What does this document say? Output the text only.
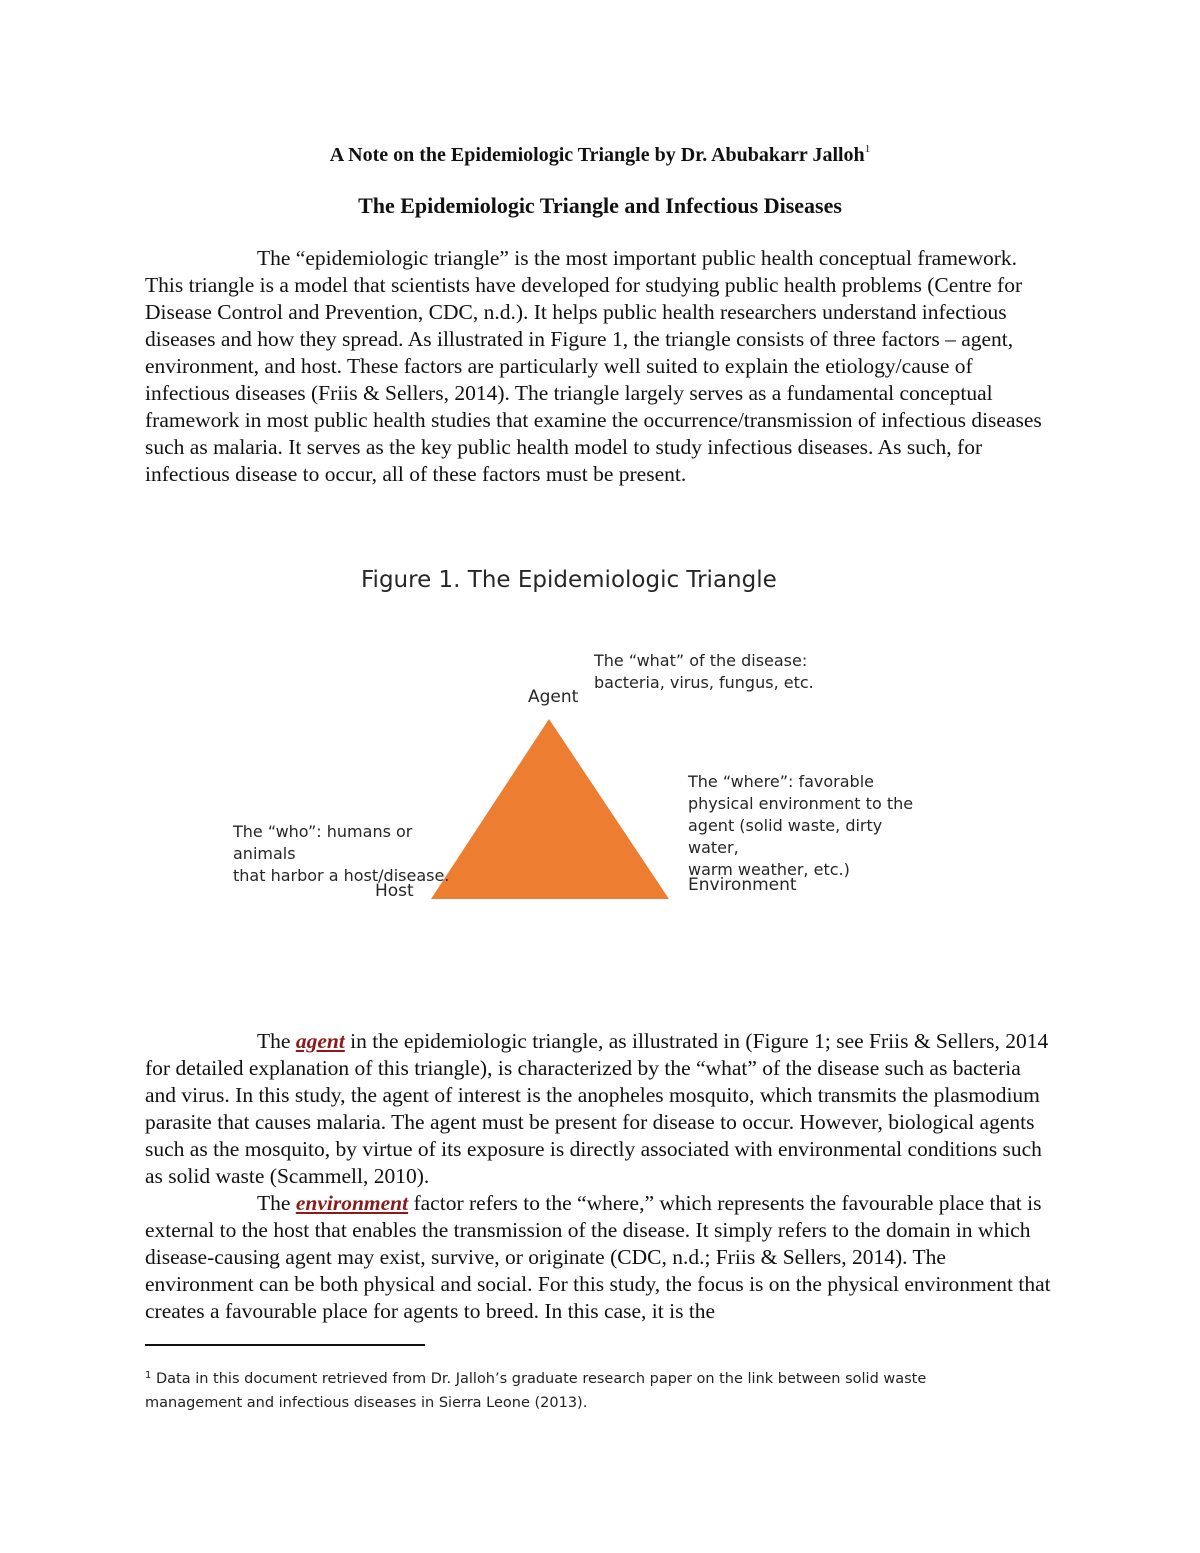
A Note on the Epidemiologic Triangle by Dr. Abubakarr Jalloh$^1$
The Epidemiologic Triangle and Infectious Diseases
The “epidemiologic triangle” is the most important public health conceptual framework. This triangle is a model that scientists have developed for studying public health problems (Centre for Disease Control and Prevention, CDC, n.d.). It helps public health researchers understand infectious diseases and how they spread. As illustrated in Figure 1, the triangle consists of three factors – agent, environment, and host. These factors are particularly well suited to explain the etiology/cause of infectious diseases (Friis & Sellers, 2014). The triangle largely serves as a fundamental conceptual framework in most public health studies that examine the occurrence/transmission of infectious diseases such as malaria. It serves as the key public health model to study infectious diseases. As such, for infectious disease to occur, all of these factors must be present.
Figure 1. The Epidemiologic Triangle
Agent
Host	Environment
The “what” of the disease:
bacteria, virus, fungus, etc.
The “where”: favorable
physical environment to the
agent (solid waste, dirty water,
warm weather, etc.)
The “who”: humans or animals
that harbor a host/disease.
The agent in the epidemiologic triangle, as illustrated in (Figure 1; see Friis & Sellers, 2014 for detailed explanation of this triangle), is characterized by the “what” of the disease such as bacteria and virus. In this study, the agent of interest is the anopheles mosquito, which transmits the plasmodium parasite that causes malaria. The agent must be present for disease to occur. However, biological agents such as the mosquito, by virtue of its exposure is directly associated with environmental conditions such as solid waste (Scammell, 2010).
The environment factor refers to the “where,” which represents the favourable place that is external to the host that enables the transmission of the disease. It simply refers to the domain in which disease-causing agent may exist, survive, or originate (CDC, n.d.; Friis & Sellers, 2014). The environment can be both physical and social. For this study, the focus is on the physical environment that creates a favourable place for agents to breed. In this case, it is the
$^1$ Data in this document retrieved from Dr. Jalloh’s graduate research paper on the link between solid waste management and infectious diseases in Sierra Leone (2013).
